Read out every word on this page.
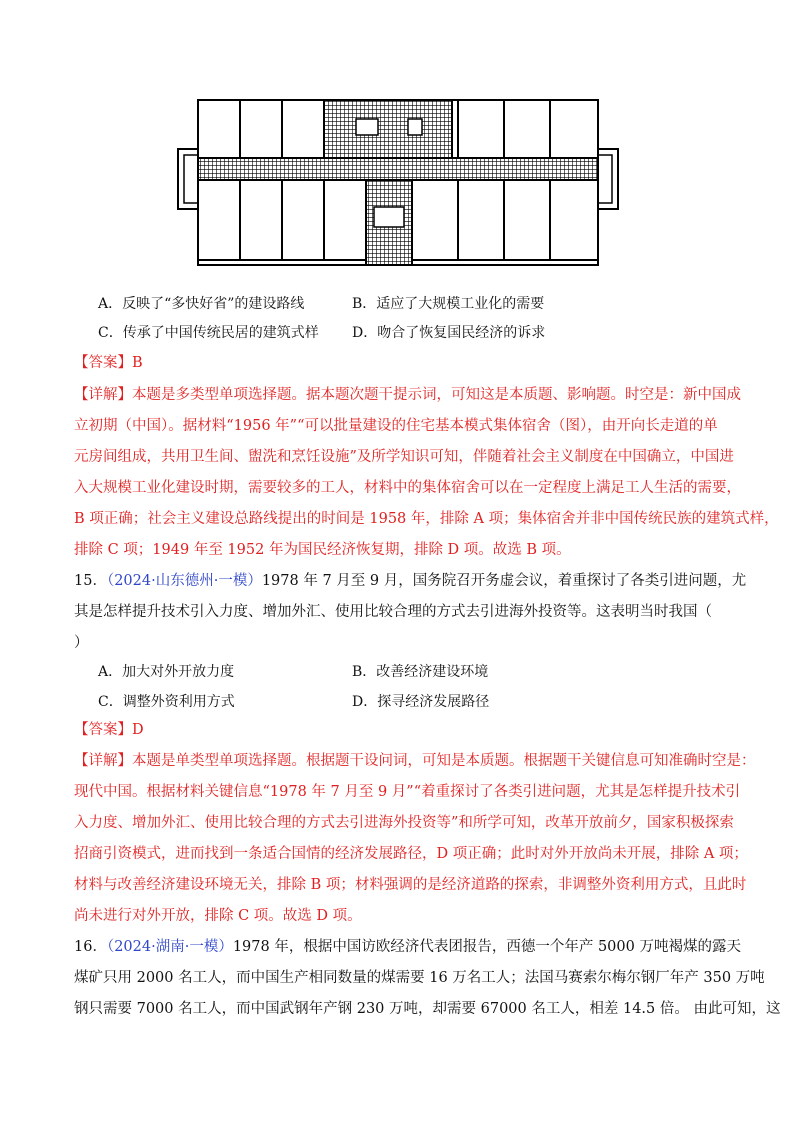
A．反映了“多快好省”的建设路线	B．适应了大规模工业化的需要
C．传承了中国传统民居的建筑式样 D．吻合了恢复国民经济的诉求
【答案】B
【详解】本题是多类型单项选择题。据本题次题干提示词，可知这是本质题、影响题。时空是：新中国成
立初期（中国）。据材料“1956 年”“可以批量建设的住宅基本模式集体宿舍（图），由开向长走道的单
元房间组成，共用卫生间、盥洗和烹饪设施”及所学知识可知，伴随着社会主义制度在中国确立，中国进
入大规模工业化建设时期，需要较多的工人，材料中的集体宿舍可以在一定程度上满足工人生活的需要，
B 项正确；社会主义建设总路线提出的时间是 1958 年，排除 A 项；集体宿舍并非中国传统民族的建筑式样，
排除 C 项；1949 年至 1952 年为国民经济恢复期，排除 D 项。故选 B 项。
15．（2024·山东德州·一模）1978 年 7 月至 9 月，国务院召开务虚会议，着重探讨了各类引进问题，尤
其是怎样提升技术引入力度、增加外汇、使用比较合理的方式去引进海外投资等。这表明当时我国（
）
A．加大对外开放力度	B．改善经济建设环境
C．调整外资利用方式	D．探寻经济发展路径
【答案】D
【详解】本题是单类型单项选择题。根据题干设问词，可知是本质题。根据题干关键信息可知准确时空是：
现代中国。根据材料关键信息“1978 年 7 月至 9 月”“着重探讨了各类引进问题，尤其是怎样提升技术引
入力度、增加外汇、使用比较合理的方式去引进海外投资等”和所学可知，改革开放前夕，国家积极探索
招商引资模式，进而找到一条适合国情的经济发展路径，D 项正确；此时对外开放尚未开展，排除 A 项；
材料与改善经济建设环境无关，排除 B 项；材料强调的是经济道路的探索，非调整外资利用方式，且此时
尚未进行对外开放，排除 C 项。故选 D 项。
16．（2024·湖南·一模）1978 年，根据中国访欧经济代表团报告，西德一个年产 5000 万吨褐煤的露天
煤矿只用 2000 名工人，而中国生产相同数量的煤需要 16 万名工人；法国马赛索尔梅尔钢厂年产 350 万吨
钢只需要 7000 名工人，而中国武钢年产钢 230 万吨，却需要 67000 名工人，相差 14.5 倍。 由此可知，这
